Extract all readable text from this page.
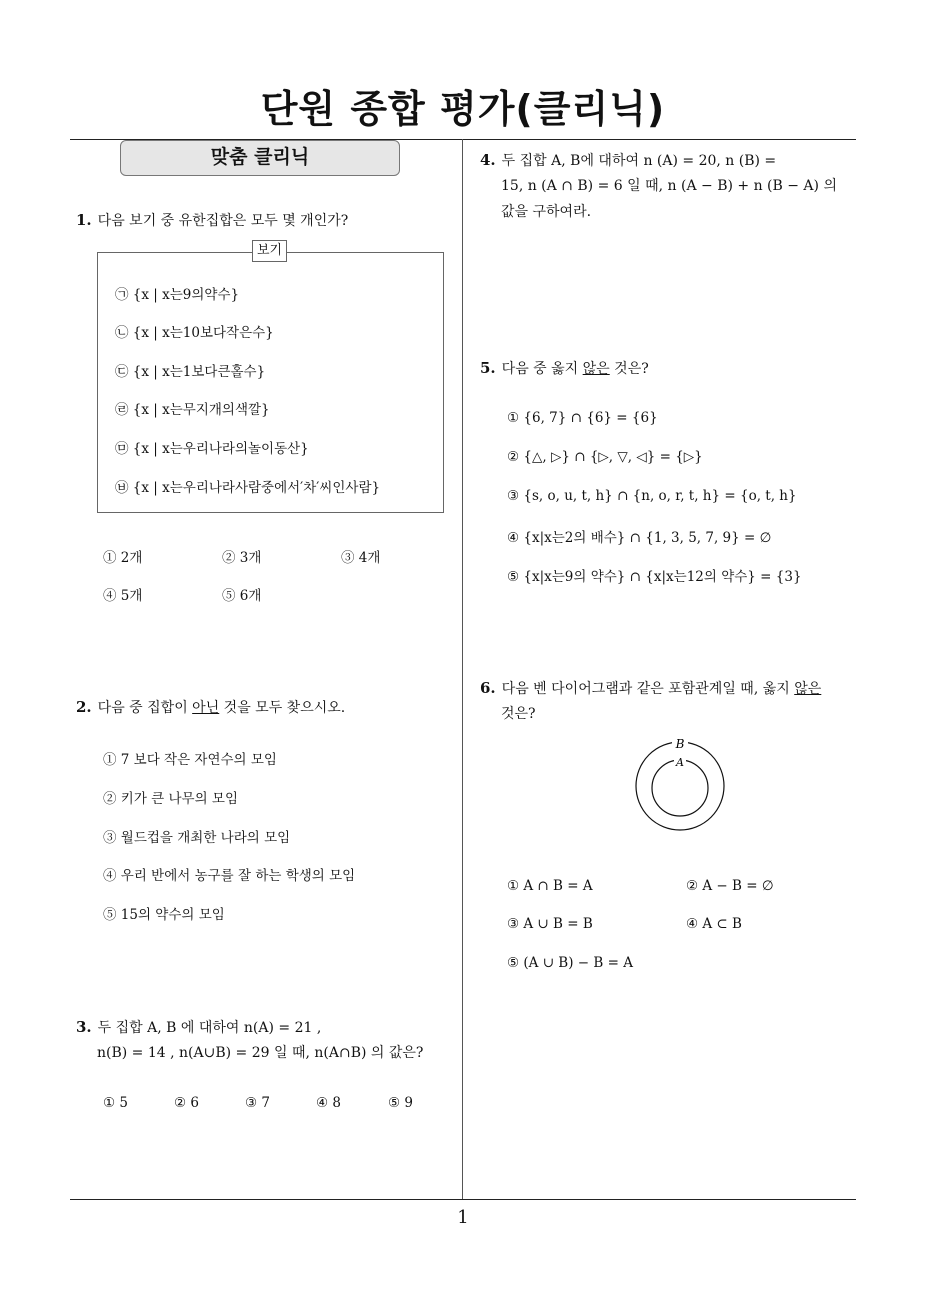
단원 종합 평가(클리닉)
맞춤 클리닉
1. 다음 보기 중 유한집합은 모두 몇 개인가?
보기
㉠ {x | x는9의약수}
㉡ {x | x는10보다작은수}
㉢ {x | x는1보다큰홀수}
㉣ {x | x는무지개의색깔}
㉤ {x | x는우리나라의놀이동산}
㉥ {x | x는우리나라사람중에서′차′씨인사람}
① 2개	② 3개	③ 4개
④ 5개	⑤ 6개
2. 다음 중 집합이 아닌 것을 모두 찾으시오.
① 7 보다 작은 자연수의 모임
② 키가 큰 나무의 모임
③ 월드컵을 개최한 나라의 모임
④ 우리 반에서 농구를 잘 하는 학생의 모임
⑤ 15의 약수의 모임
3. 두 집합 A, B 에 대하여 n(A) = 21 ,
n(B) = 14 , n(A∪B) = 29 일 때, n(A∩B) 의 값은?
① 5	② 6	③ 7	④ 8	⑤ 9
4. 두 집합 A, B에 대하여 n (A) = 20, n (B) =
15, n (A ∩ B) = 6 일 때, n (A − B) + n (B − A) 의
값을 구하여라.
5. 다음 중 옳지 않은 것은?
① {6, 7} ∩ {6} = {6}
② {△, ▷} ∩ {▷, ▽, ◁} = {▷}
③ {s, o, u, t, h} ∩ {n, o, r, t, h} = {o, t, h}
④ {x|x는2의 배수} ∩ {1, 3, 5, 7, 9} = ∅
⑤ {x|x는9의 약수} ∩ {x|x는12의 약수} = {3}
6. 다음 벤 다이어그램과 같은 포함관계일 때, 옳지 않은
것은?
B
A
① A ∩ B = A	② A − B = ∅
③ A ∪ B = B	④ A ⊂ B
⑤ (A ∪ B) − B = A
1
